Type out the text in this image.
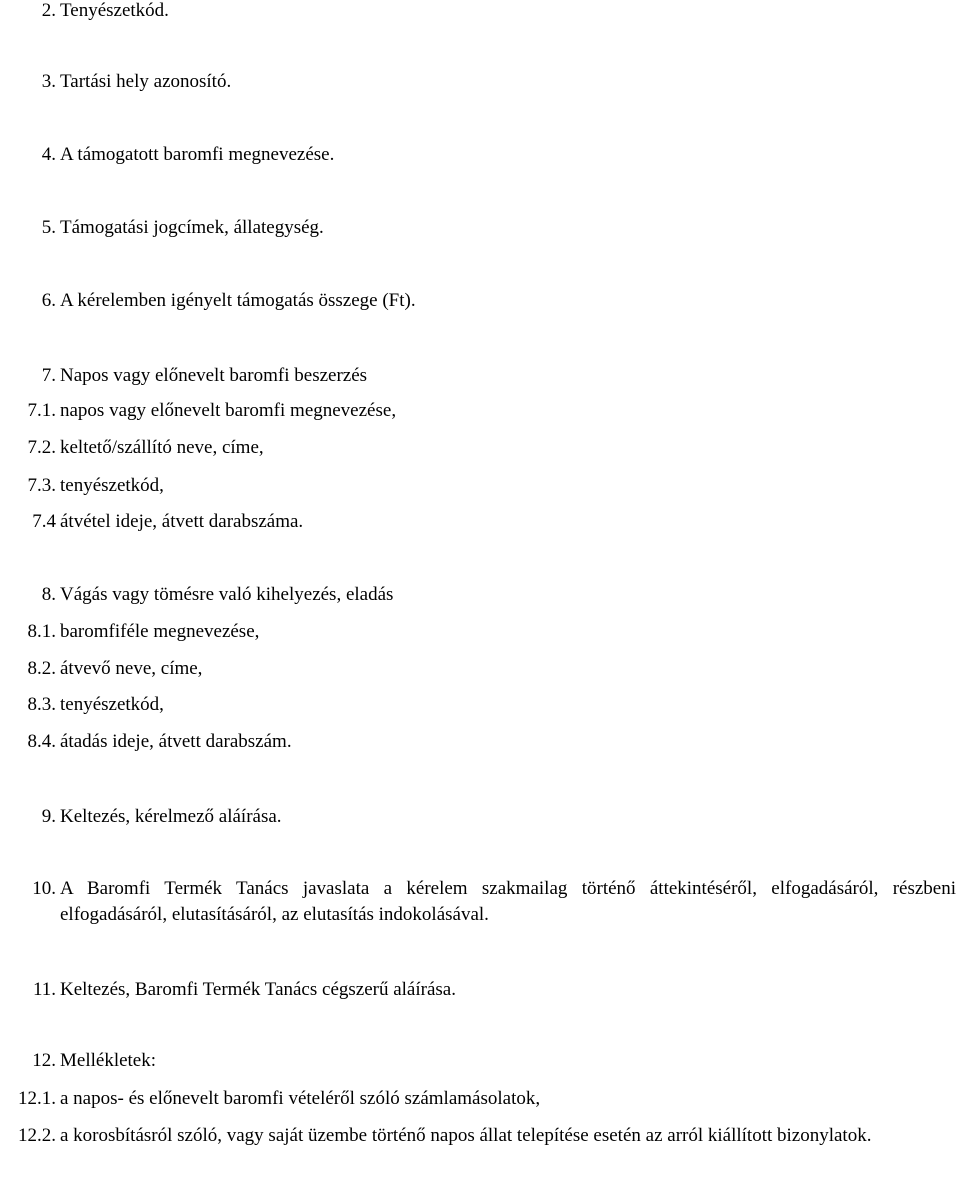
2. Tenyészetkód.
3. Tartási hely azonosító.
4. A támogatott baromfi megnevezése.
5. Támogatási jogcímek, állategység.
6. A kérelemben igényelt támogatás összege (Ft).
7. Napos vagy előnevelt baromfi beszerzés
7.1. napos vagy előnevelt baromfi megnevezése,
7.2. keltető/szállító neve, címe,
7.3. tenyészetkód,
7.4 átvétel ideje, átvett darabszáma.
8. Vágás vagy tömésre való kihelyezés, eladás
8.1. baromfiféle megnevezése,
8.2. átvevő neve, címe,
8.3. tenyészetkód,
8.4. átadás ideje, átvett darabszám.
9. Keltezés, kérelmező aláírása.
10. A Baromfi Termék Tanács javaslata a kérelem szakmailag történő áttekintéséről, elfogadásáról, részbeni elfogadásáról, elutasításáról, az elutasítás indokolásával.
11. Keltezés, Baromfi Termék Tanács cégszerű aláírása.
12. Mellékletek:
12.1. a napos- és előnevelt baromfi vételéről szóló számlamásolatok,
12.2. a korosbításról szóló, vagy saját üzembe történő napos állat telepítése esetén az arról kiállított bizonylatok.
